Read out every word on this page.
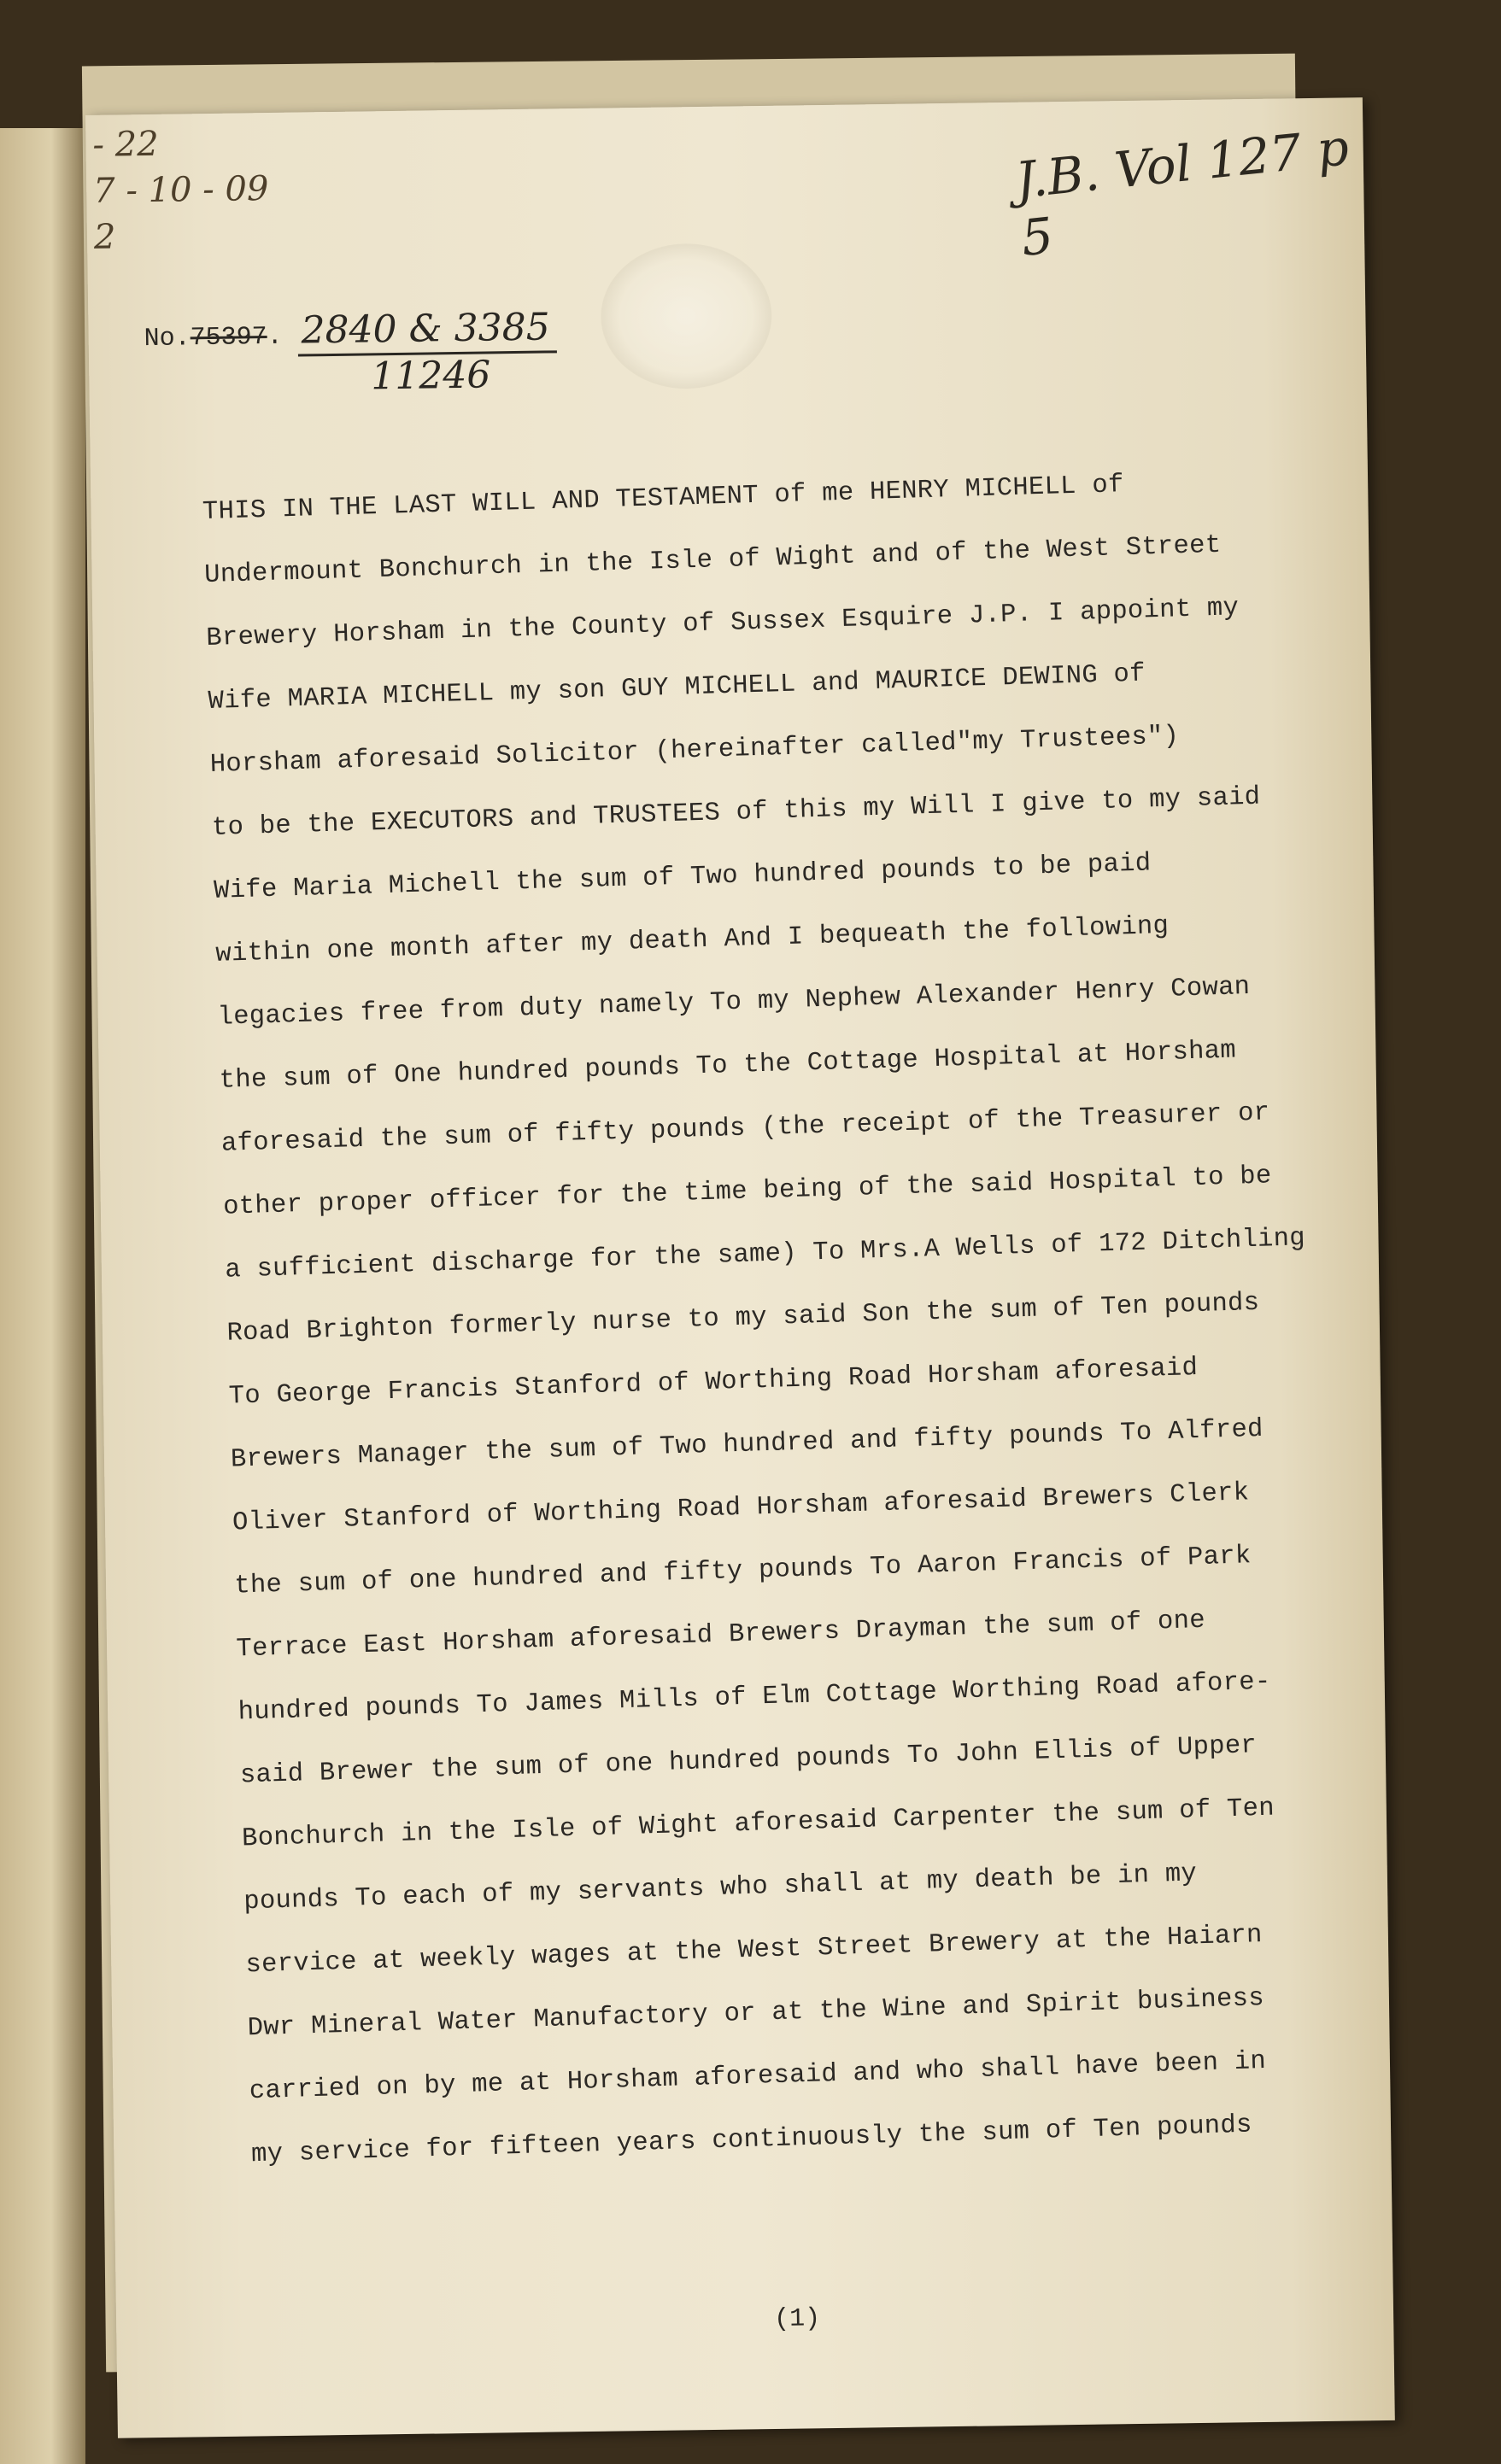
- 22
7 - 10 - 09
2
J.B. Vol 127 p 5
No.75397. 2840 & 3385
11246
THIS IN THE LAST WILL AND TESTAMENT of me HENRY MICHELL of
Undermount Bonchurch in the Isle of Wight and of the West Street
Brewery Horsham in the County of Sussex Esquire J.P. I appoint my
Wife MARIA MICHELL my son GUY MICHELL and MAURICE DEWING of
Horsham aforesaid Solicitor (hereinafter called"my Trustees")
to be the EXECUTORS and TRUSTEES of this my Will I give to my said
Wife Maria Michell the sum of Two hundred pounds to be paid
within one month after my death And I bequeath the following
legacies free from duty namely To my Nephew Alexander Henry Cowan
the sum of One hundred pounds To the Cottage Hospital at Horsham
aforesaid the sum of fifty pounds (the receipt of the Treasurer or
other proper officer for the time being of the said Hospital to be
a sufficient discharge for the same) To Mrs.A Wells of 172 Ditchling
Road Brighton formerly nurse to my said Son the sum of Ten pounds
To George Francis Stanford of Worthing Road Horsham aforesaid
Brewers Manager the sum of Two hundred and fifty pounds To Alfred
Oliver Stanford of Worthing Road Horsham aforesaid Brewers Clerk
the sum of one hundred and fifty pounds To Aaron Francis of Park
Terrace East Horsham aforesaid Brewers Drayman the sum of one
hundred pounds To James Mills of Elm Cottage Worthing Road afore-
said Brewer the sum of one hundred pounds To John Ellis of Upper
Bonchurch in the Isle of Wight aforesaid Carpenter the sum of Ten
pounds To each of my servants who shall at my death be in my
service at weekly wages at the West Street Brewery at the Haiarn
Dwr Mineral Water Manufactory or at the Wine and Spirit business
carried on by me at Horsham aforesaid and who shall have been in
my service for fifteen years continuously the sum of Ten pounds
(1)
